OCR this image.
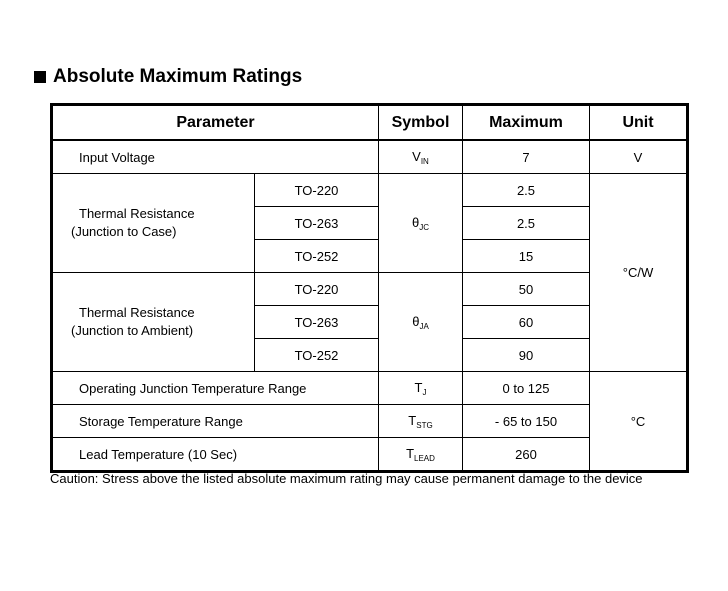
Absolute Maximum Ratings
Parameter		Symbol	Maximum	Unit
Input Voltage		$V_{IN}$	7	V

Thermal Resistance
(Junction to Case)	TO-220	$\theta_{JC}$	2.5	°C/W
	TO-263		2.5	
	TO-252		15	

Thermal Resistance
(Junction to Ambient)	TO-220	$\theta_{JA}$	50	
	TO-263		60	
	TO-252		90	
Operating Junction Temperature Range		$T_J$	0 to 125	°C
Storage Temperature Range		$T_{STG}$	- 65 to 150	
Lead Temperature (10 Sec)		$T_{LEAD}$	260	
Caution: Stress above the listed absolute maximum rating may cause permanent damage to the device
